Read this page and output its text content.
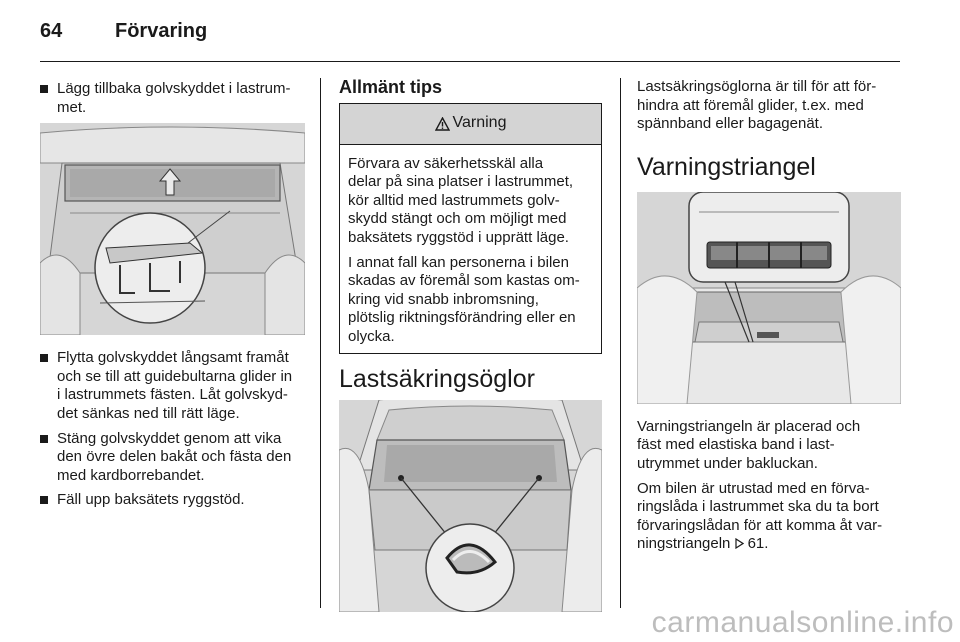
64	Förvaring
Lägg tillbaka golvskyddet i lastrum-
met.
Flytta golvskyddet långsamt framåt
och se till att guidebultarna glider in
i lastrummets fästen. Låt golvskyd-
det sänkas ned till rätt läge.
Stäng golvskyddet genom att vika
den övre delen bakåt och fästa den
med kardborrebandet.
Fäll upp baksätets ryggstöd.
Allmänt tips
Varning

Förvara av säkerhetsskäl alla
delar på sina platser i lastrummet,
kör alltid med lastrummets golv-
skydd stängt och om möjligt med
baksätets ryggstöd i upprätt läge.

I annat fall kan personerna i bilen
skadas av föremål som kastas om-
kring vid snabb inbromsning,
plötslig riktningsförändring eller en
olycka.

Lastsäkringsöglor

Lastsäkringsöglorna är till för att för-
hindra att föremål glider, t.ex. med
spännband eller bagagenät.

Varningstriangel

Varningstriangeln är placerad och
fäst med elastiska band i last-
utrymmet under bakluckan.

Om bilen är utrustad med en förva-
ringslåda i lastrummet ska du ta bort
förvaringslådan för att komma åt var-
ningstriangeln 61.

carmanualsonline.info
